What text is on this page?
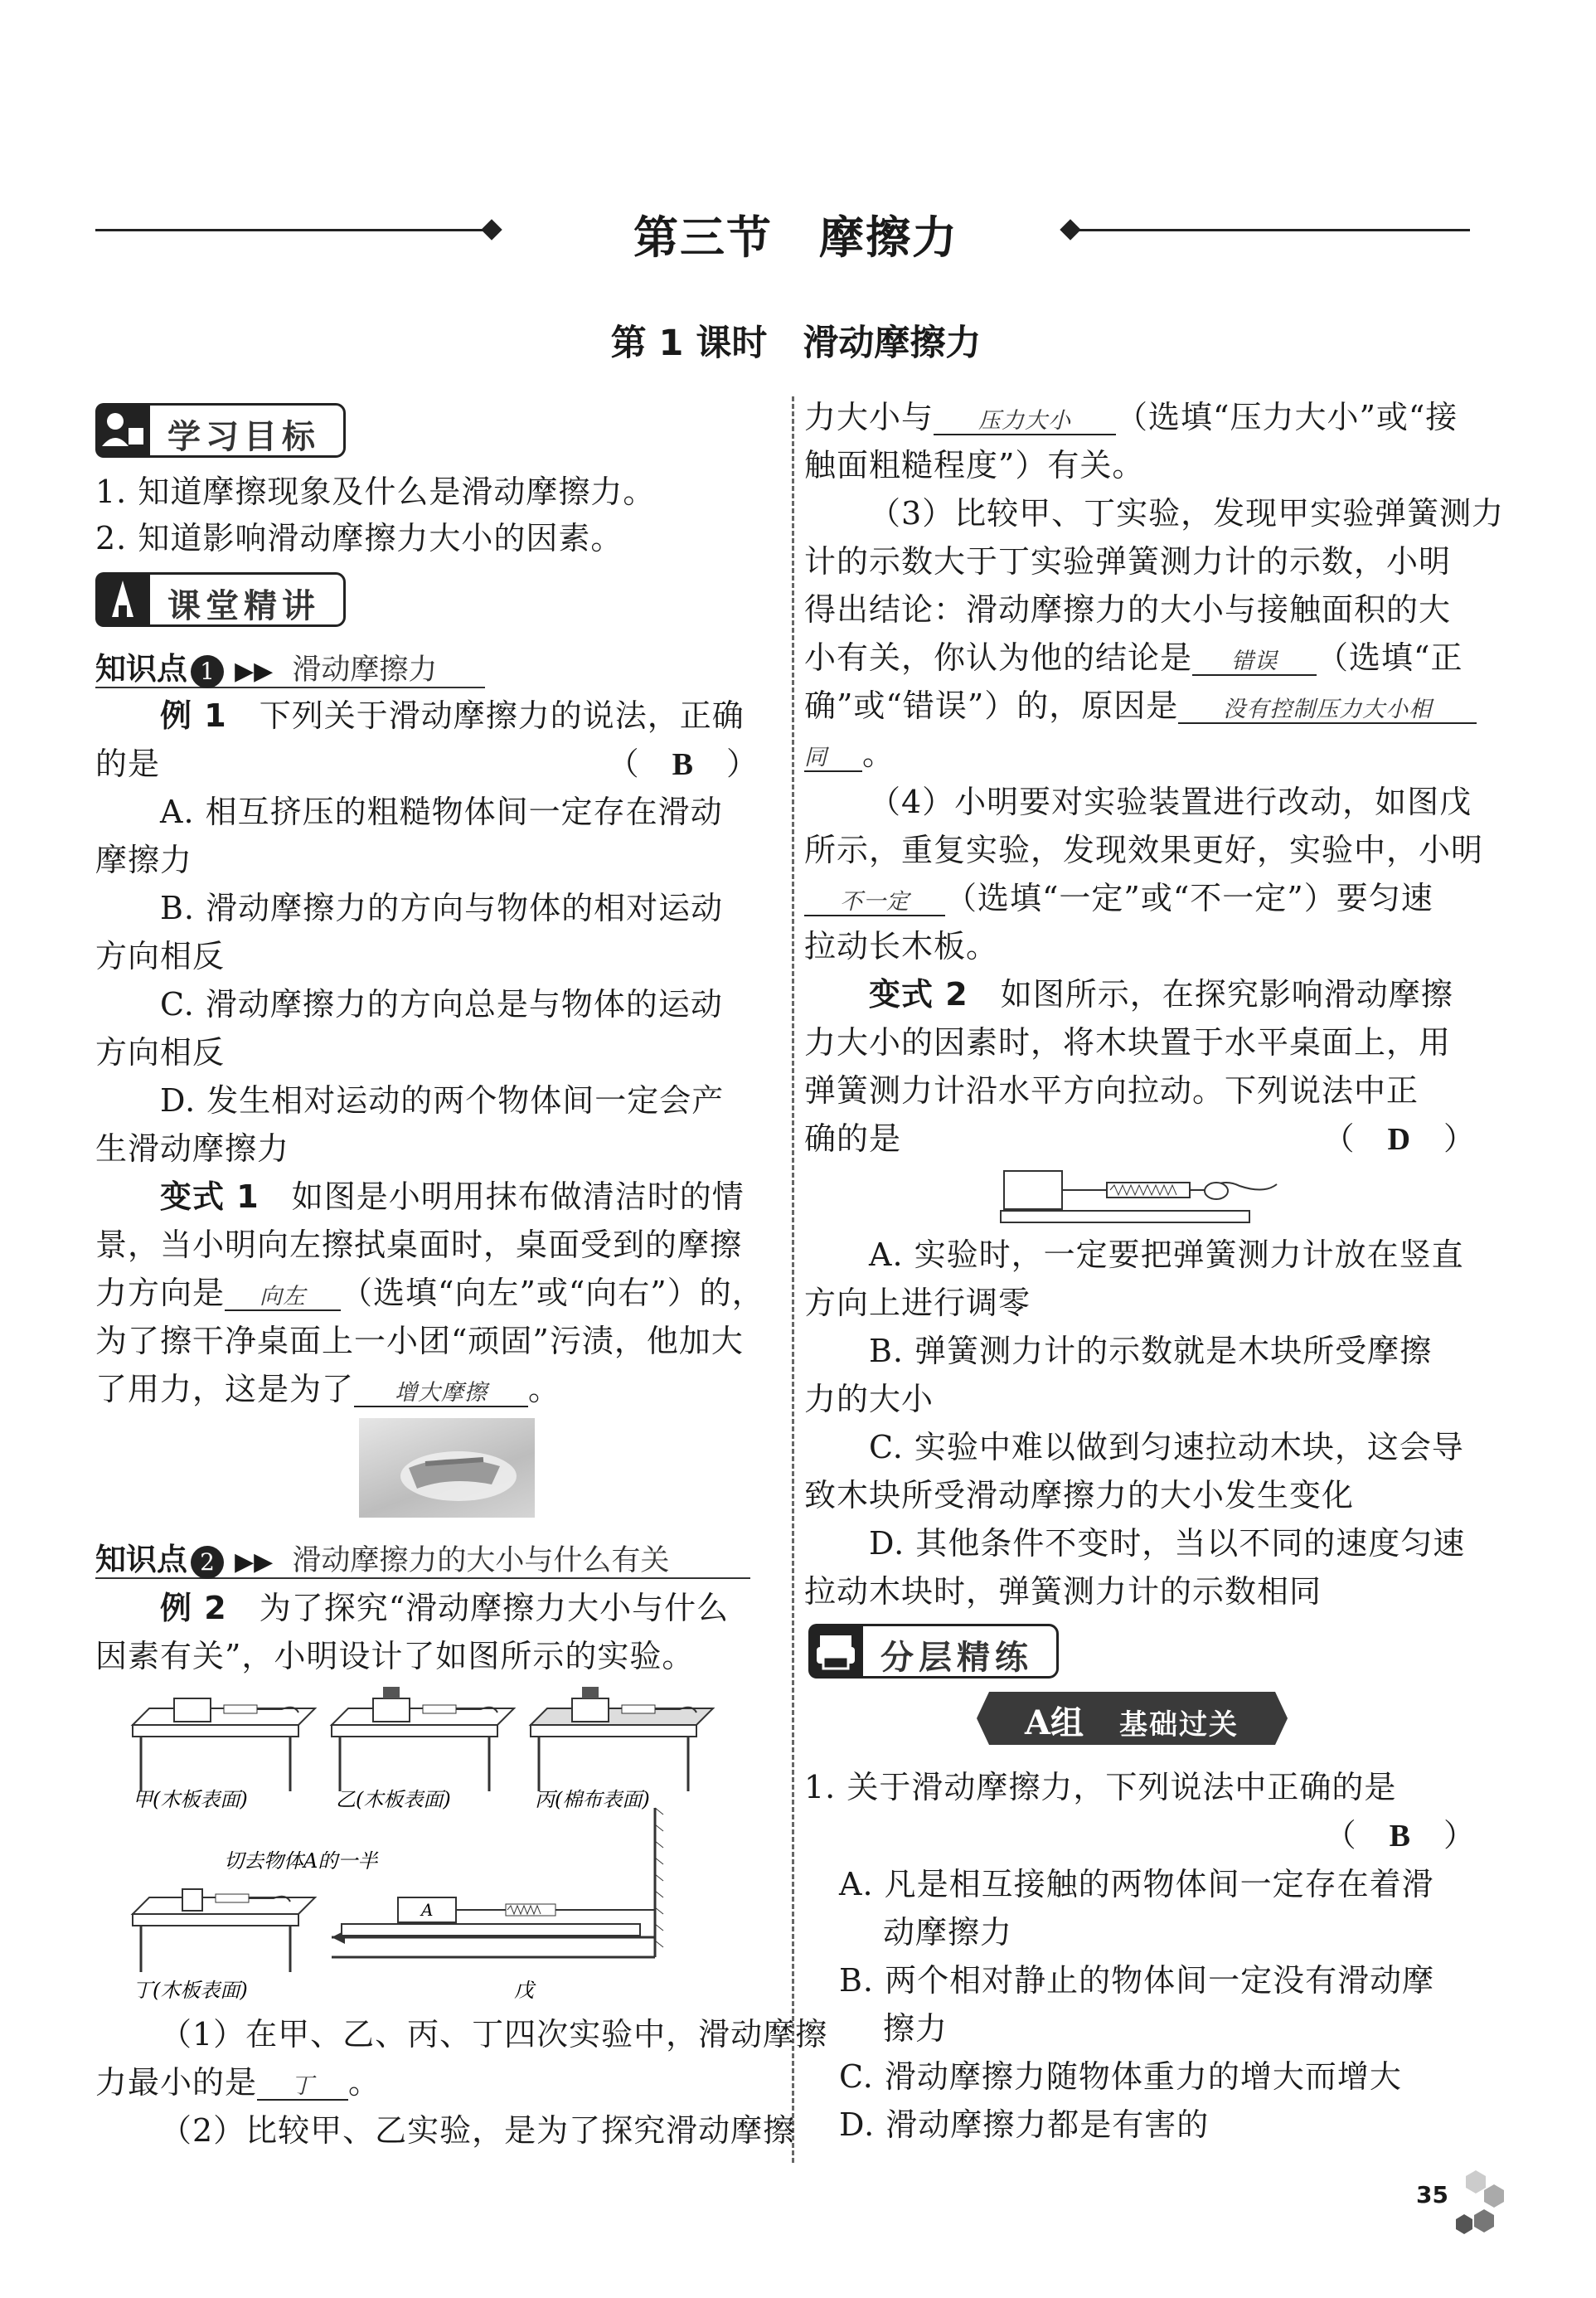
第三节　摩擦力
第 1 课时　滑动摩擦力
学习目标
1. 知道摩擦现象及什么是滑动摩擦力。
2. 知道影响滑动摩擦力大小的因素。
课堂精讲
知识点 1 ▶▶ 滑动摩擦力
例 1　 下列关于滑动摩擦力的说法，正确
的是	（　B　）
A. 相互挤压的粗糙物体间一定存在滑动
摩擦力
B. 滑动摩擦力的方向与物体的相对运动
方向相反
C. 滑动摩擦力的方向总是与物体的运动
方向相反
D. 发生相对运动的两个物体间一定会产
生滑动摩擦力
变式 1　 如图是小明用抹布做清洁时的情
景，当小明向左擦拭桌面时，桌面受到的摩擦
力方向是 向左 （选填“向左”或“向右”）的，
为了擦干净桌面上一小团“顽固”污渍，他加大
了用力，这是为了 增大摩擦 。
知识点 2 ▶▶ 滑动摩擦力的大小与什么有关
例 2　 为了探究“滑动摩擦力大小与什么
因素有关”，小明设计了如图所示的实验。
甲(木板表面)	乙(木板表面)	丙(棉布表面)
切去物体A的一半
丁(木板表面)
A
戊
（1）在甲、乙、丙、丁四次实验中，滑动摩擦
力最小的是 丁 。
（2）比较甲、乙实验，是为了探究滑动摩擦
力大小与 压力大小 （选填“压力大小”或“接
触面粗糙程度”）有关。
（3）比较甲、丁实验，发现甲实验弹簧测力
计的示数大于丁实验弹簧测力计的示数，小明
得出结论：滑动摩擦力的大小与接触面积的大
小有关，你认为他的结论是 错误 （选填“正
确”或“错误”）的，原因是 没有控制压力大小相
同 。
（4）小明要对实验装置进行改动，如图戊
所示，重复实验，发现效果更好，实验中，小明
不一定 （选填“一定”或“不一定”）要匀速
拉动长木板。
变式 2　 如图所示，在探究影响滑动摩擦
力大小的因素时，将木块置于水平桌面上，用
弹簧测力计沿水平方向拉动。下列说法中正
确的是	（　D　）
A. 实验时，一定要把弹簧测力计放在竖直
方向上进行调零
B. 弹簧测力计的示数就是木块所受摩擦
力的大小
C. 实验中难以做到匀速拉动木块，这会导
致木块所受滑动摩擦力的大小发生变化
D. 其他条件不变时，当以不同的速度匀速
拉动木块时，弹簧测力计的示数相同
分层精练
A组 基础过关
1. 关于滑动摩擦力，下列说法中正确的是
（　B　）
A. 凡是相互接触的两物体间一定存在着滑
动摩擦力
B. 两个相对静止的物体间一定没有滑动摩
擦力
C. 滑动摩擦力随物体重力的增大而增大
D. 滑动摩擦力都是有害的
35
